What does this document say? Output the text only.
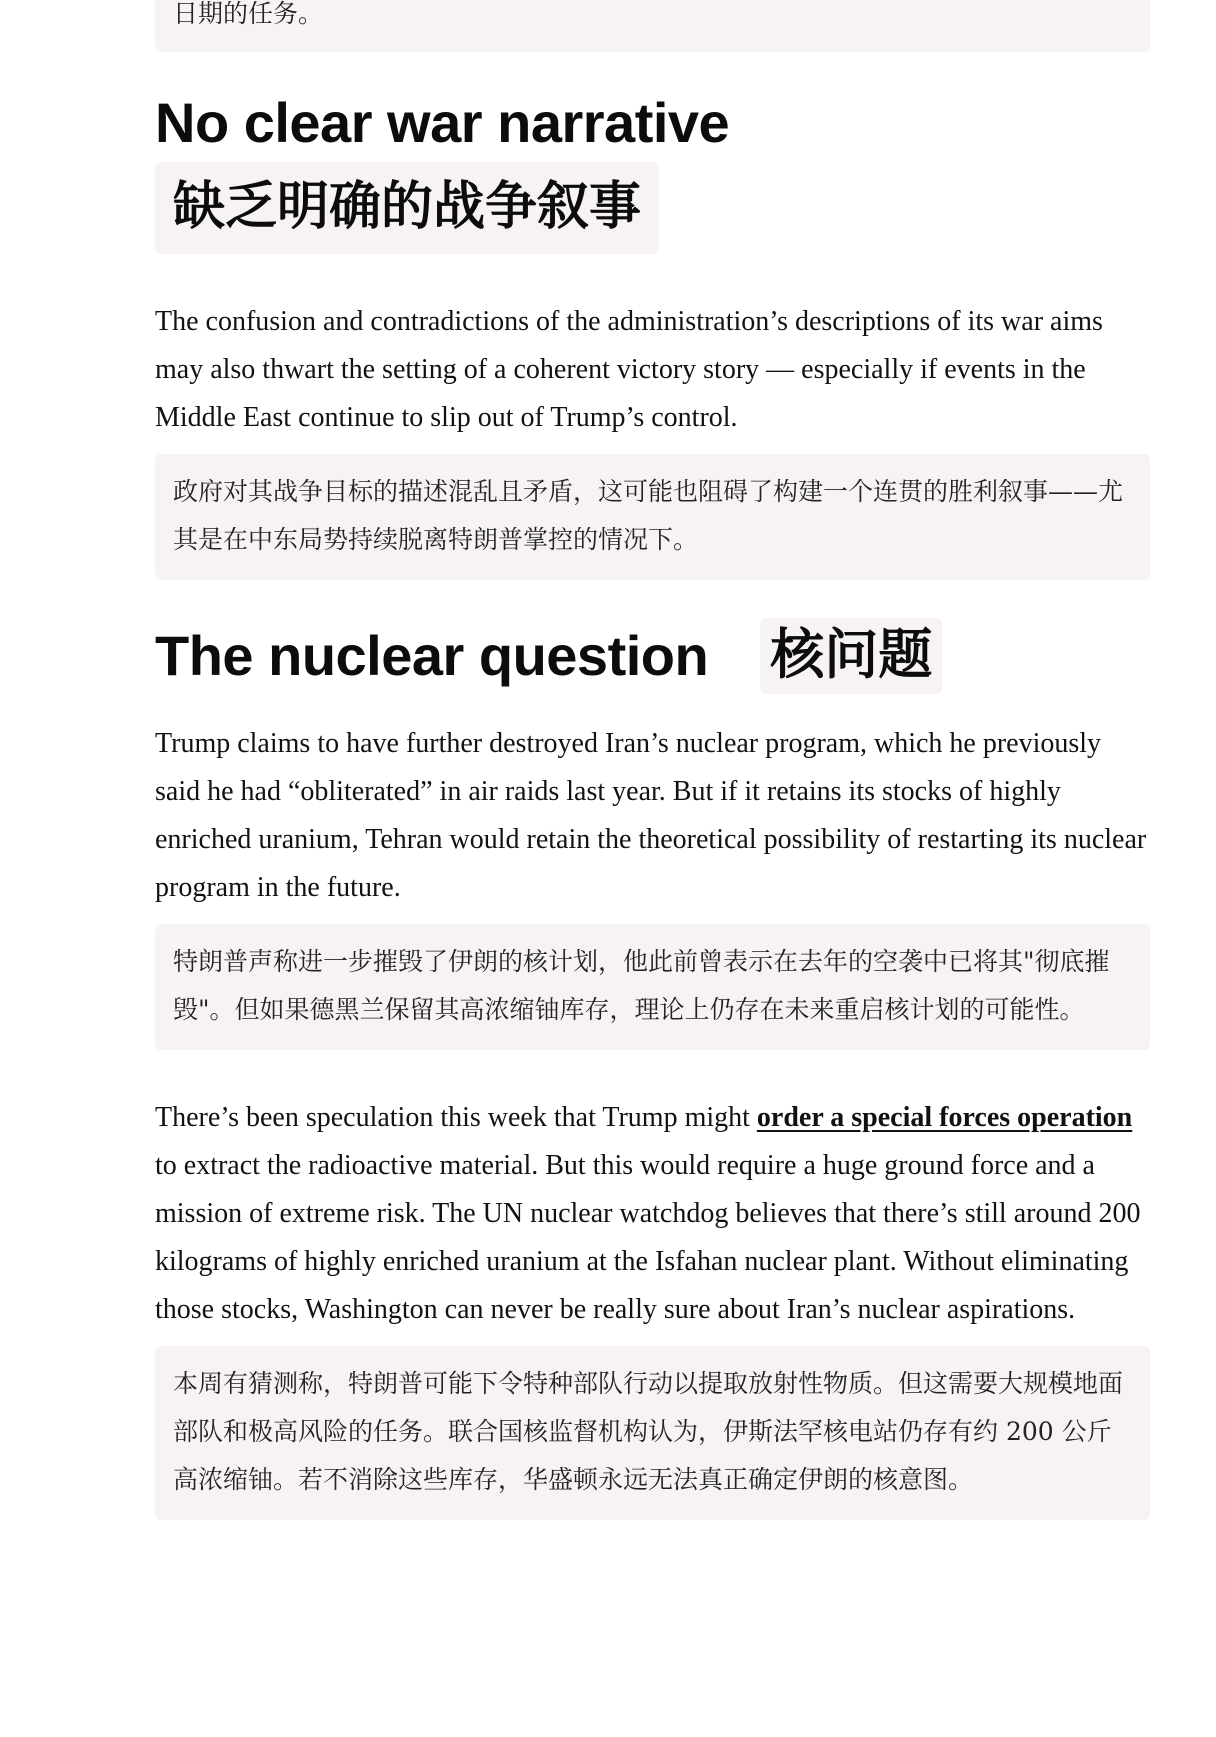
日期的任务。
No clear war narrative
缺乏明确的战争叙事

The confusion and contradictions of the administration’s descriptions of its war aims may also thwart the setting of a coherent victory story — especially if events in the Middle East continue to slip out of Trump’s control.

政府对其战争目标的描述混乱且矛盾，这可能也阻碍了构建一个连贯的胜利叙事——尤其是在中东局势持续脱离特朗普掌控的情况下。
The nuclear question 核问题

Trump claims to have further destroyed Iran’s nuclear program, which he previously said he had “obliterated” in air raids last year. But if it retains its stocks of highly enriched uranium, Tehran would retain the theoretical possibility of restarting its nuclear program in the future.

特朗普声称进一步摧毁了伊朗的核计划，他此前曾表示在去年的空袭中已将其"彻底摧毁"。但如果德黑兰保留其高浓缩铀库存，理论上仍存在未来重启核计划的可能性。

There’s been speculation this week that Trump might order a special forces operation to extract the radioactive material. But this would require a huge ground force and a mission of extreme risk. The UN nuclear watchdog believes that there’s still around 200 kilograms of highly enriched uranium at the Isfahan nuclear plant. Without eliminating those stocks, Washington can never be really sure about Iran’s nuclear aspirations.

本周有猜测称，特朗普可能下令特种部队行动以提取放射性物质。但这需要大规模地面部队和极高风险的任务。联合国核监督机构认为，伊斯法罕核电站仍存有约 200 公斤高浓缩铀。若不消除这些库存，华盛顿永远无法真正确定伊朗的核意图。
